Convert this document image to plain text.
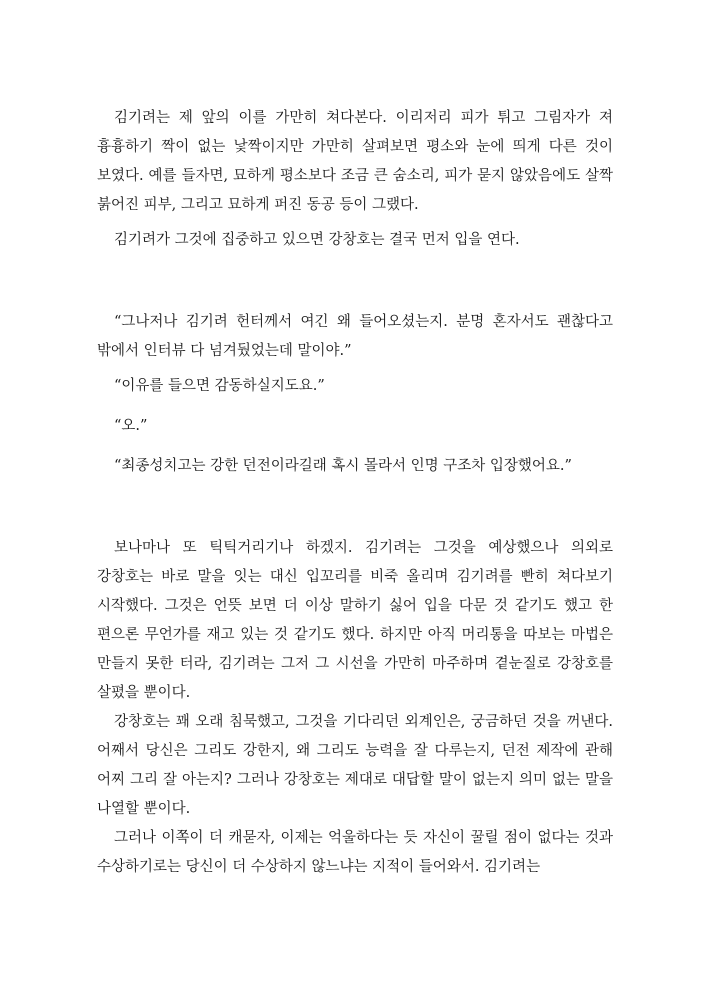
김기려는 제 앞의 이를 가만히 쳐다본다. 이리저리 피가 튀고 그림자가 져 흉흉하기 짝이 없는 낯짝이지만 가만히 살펴보면 평소와 눈에 띄게 다른 것이 보였다. 예를 들자면, 묘하게 평소보다 조금 큰 숨소리, 피가 묻지 않았음에도 살짝 붉어진 피부, 그리고 묘하게 퍼진 동공 등이 그랬다.

김기려가 그것에 집중하고 있으면 강창호는 결국 먼저 입을 연다.

“그나저나 김기려 헌터께서 여긴 왜 들어오셨는지. 분명 혼자서도 괜찮다고 밖에서 인터뷰 다 넘겨뒀었는데 말이야.”

“이유를 들으면 감동하실지도요.”

“오.”

“최종성치고는 강한 던전이라길래 혹시 몰라서 인명 구조차 입장했어요.”

보나마나 또 틱틱거리기나 하겠지. 김기려는 그것을 예상했으나 의외로 강창호는 바로 말을 잇는 대신 입꼬리를 비죽 올리며 김기려를 빤히 쳐다보기 시작했다. 그것은 언뜻 보면 더 이상 말하기 싫어 입을 다문 것 같기도 했고 한 편으론 무언가를 재고 있는 것 같기도 했다. 하지만 아직 머리통을 따보는 마법은 만들지 못한 터라, 김기려는 그저 그 시선을 가만히 마주하며 곁눈질로 강창호를 살폈을 뿐이다.

강창호는 꽤 오래 침묵했고, 그것을 기다리던 외계인은, 궁금하던 것을 꺼낸다. 어째서 당신은 그리도 강한지, 왜 그리도 능력을 잘 다루는지, 던전 제작에 관해 어찌 그리 잘 아는지? 그러나 강창호는 제대로 대답할 말이 없는지 의미 없는 말을 나열할 뿐이다.

그러나 이쪽이 더 캐묻자, 이제는 억울하다는 듯 자신이 꿀릴 점이 없다는 것과 수상하기로는 당신이 더 수상하지 않느냐는 지적이 들어와서. 김기려는
